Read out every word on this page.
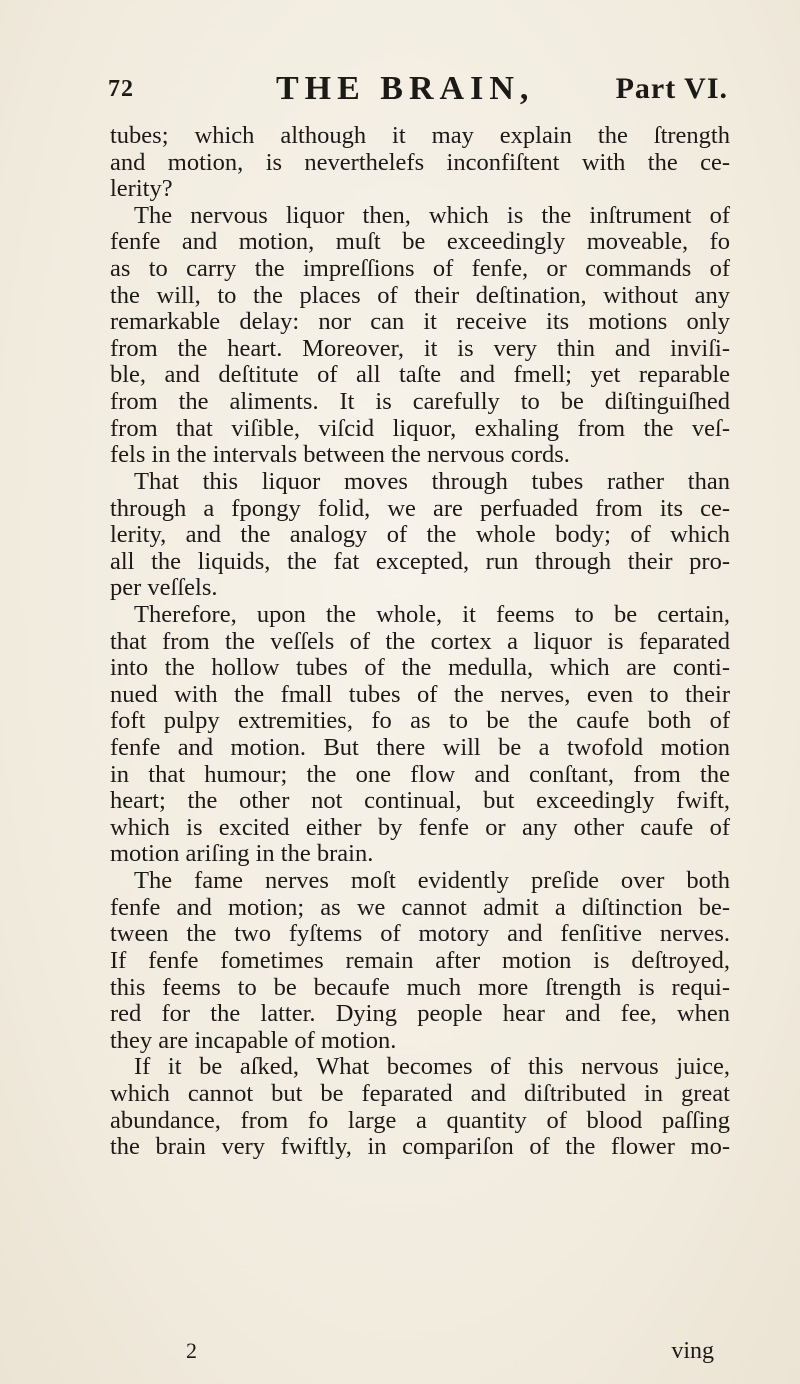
72	THE BRAIN,	Part VI.
tubes; which although it may explain the ſtrength
and motion, is neverthelefs inconfiſtent with the ce-
lerity?
The nervous liquor then, which is the inſtrument of
fenfe and motion, muſt be exceedingly moveable, fo
as to carry the impreſſions of fenfe, or commands of
the will, to the places of their deſtination, without any
remarkable delay: nor can it receive its motions only
from the heart. Moreover, it is very thin and inviſi-
ble, and deſtitute of all taſte and fmell; yet reparable
from the aliments. It is carefully to be diſtinguiſhed
from that viſible, viſcid liquor, exhaling from the veſ-
fels in the intervals between the nervous cords.
That this liquor moves through tubes rather than
through a fpongy folid, we are perfuaded from its ce-
lerity, and the analogy of the whole body; of which
all the liquids, the fat excepted, run through their pro-
per veſſels.
Therefore, upon the whole, it feems to be certain,
that from the veſſels of the cortex a liquor is feparated
into the hollow tubes of the medulla, which are conti-
nued with the fmall tubes of the nerves, even to their
foft pulpy extremities, fo as to be the caufe both of
fenfe and motion. But there will be a twofold motion
in that humour; the one flow and conſtant, from the
heart; the other not continual, but exceedingly fwift,
which is excited either by fenfe or any other caufe of
motion ariſing in the brain.
The fame nerves moſt evidently preſide over both
fenfe and motion; as we cannot admit a diſtinction be-
tween the two fyſtems of motory and fenſitive nerves.
If fenfe fometimes remain after motion is deſtroyed,
this feems to be becaufe much more ſtrength is requi-
red for the latter. Dying people hear and fee, when
they are incapable of motion.
If it be aſked, What becomes of this nervous juice,
which cannot but be feparated and diſtributed in great
abundance, from fo large a quantity of blood paſſing
the brain very fwiftly, in compariſon of the flower mo-
2	ving
